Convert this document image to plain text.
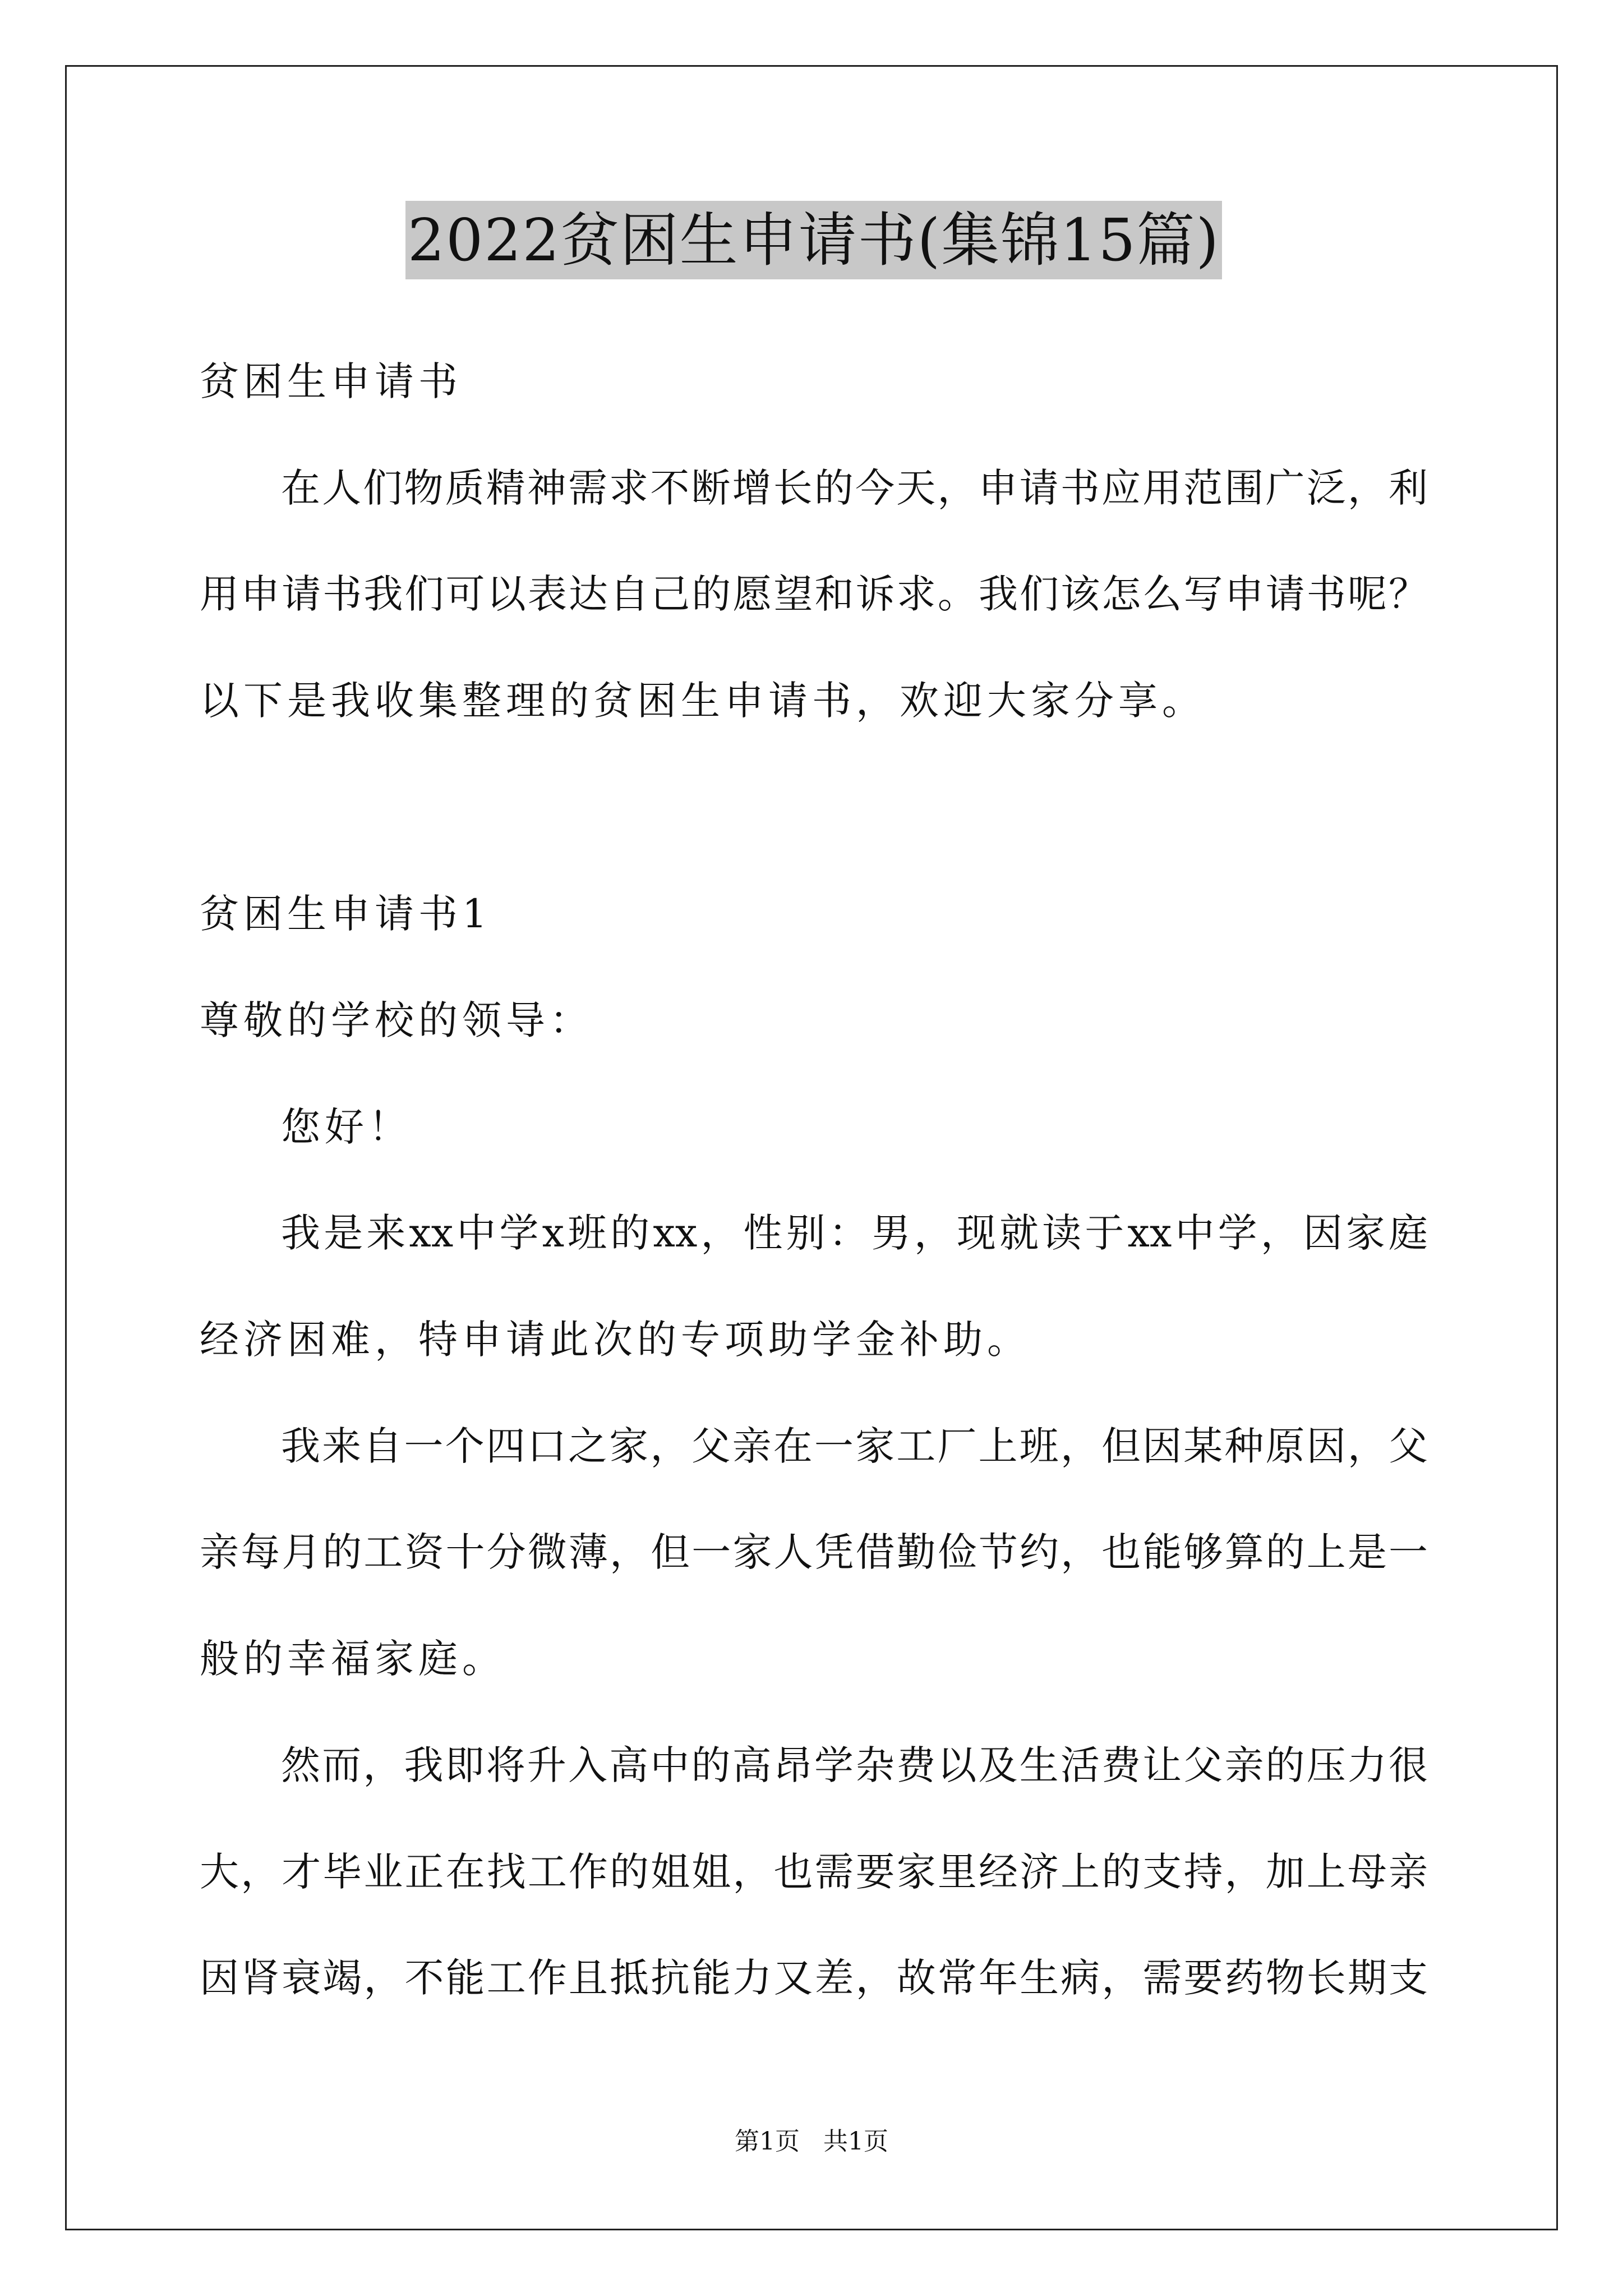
2022贫困生申请书(集锦15篇)
贫困生申请书
在人们物质精神需求不断增长的今天，申请书应用范围广泛，利
用申请书我们可以表达自己的愿望和诉求。我们该怎么写申请书呢？
以下是我收集整理的贫困生申请书，欢迎大家分享。
贫困生申请书1
尊敬的学校的领导：
您好！
我是来xx中学x班的xx，性别：男，现就读于xx中学，因家庭
经济困难，特申请此次的专项助学金补助。
我来自一个四口之家，父亲在一家工厂上班，但因某种原因，父
亲每月的工资十分微薄，但一家人凭借勤俭节约，也能够算的上是一
般的幸福家庭。
然而，我即将升入高中的高昂学杂费以及生活费让父亲的压力很
大，才毕业正在找工作的姐姐，也需要家里经济上的支持，加上母亲
因肾衰竭，不能工作且抵抗能力又差，故常年生病，需要药物长期支
第1页   共1页
